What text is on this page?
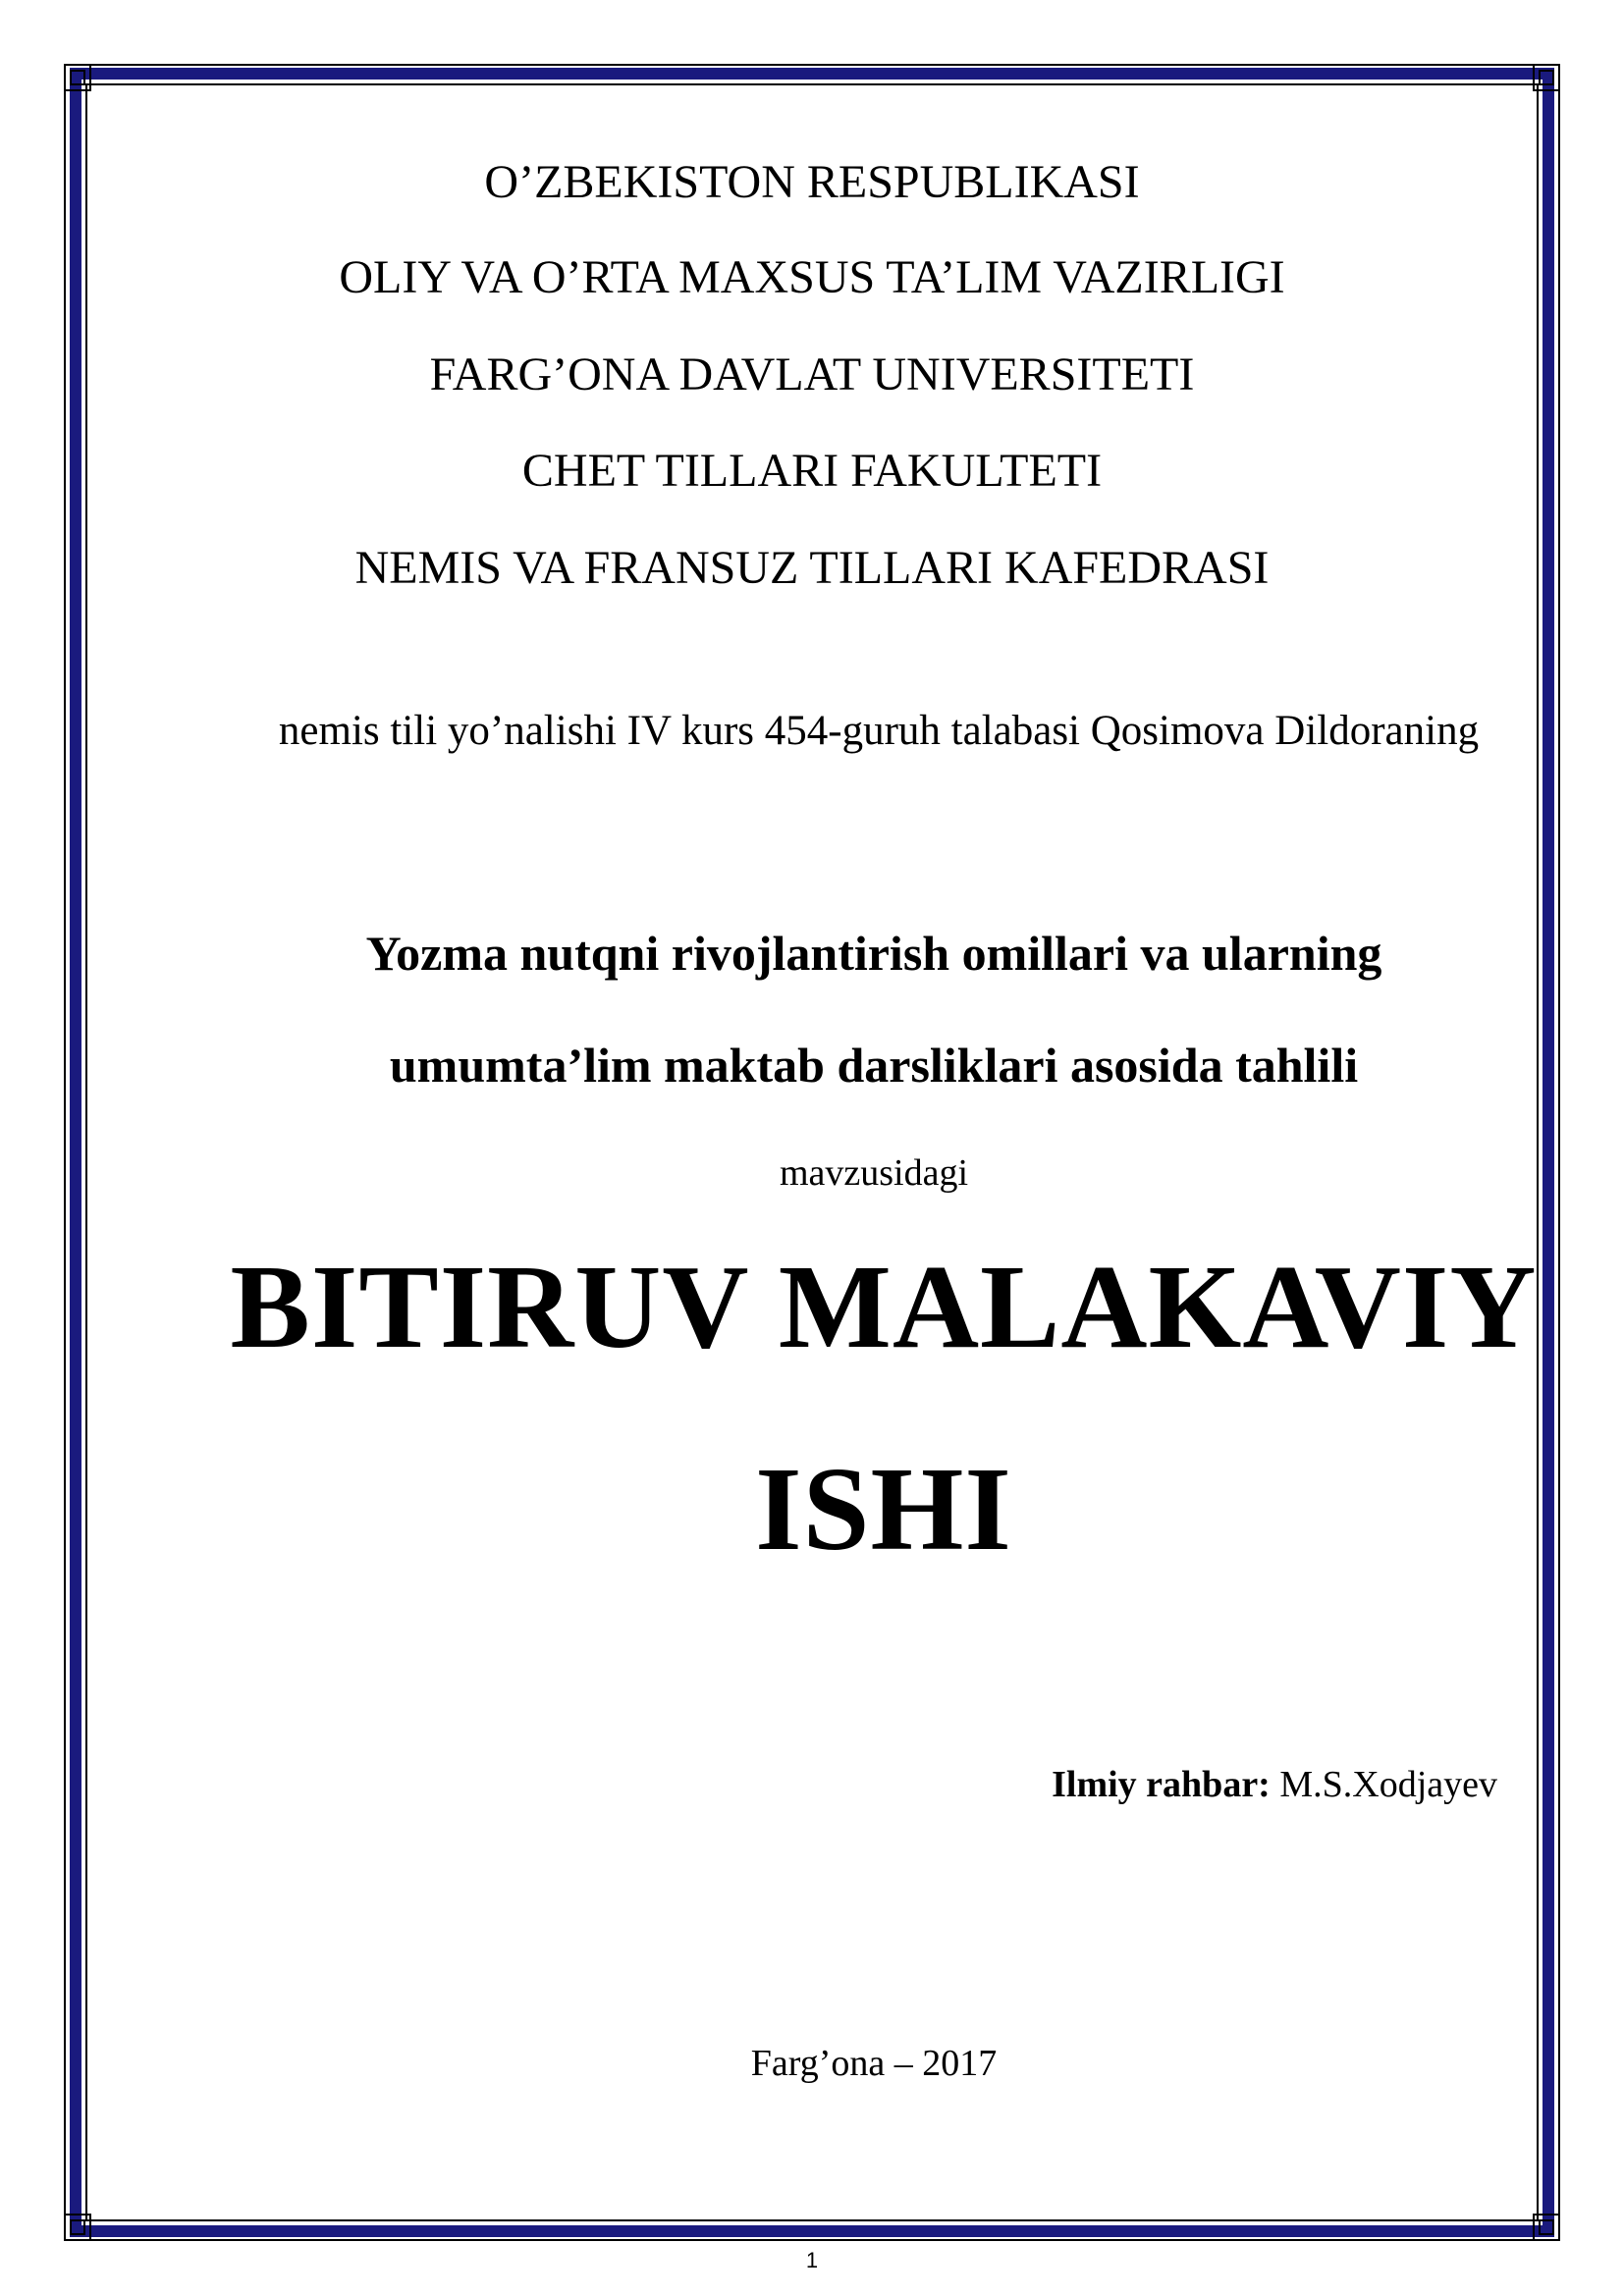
O’ZBEKISTON RESPUBLIKASI

OLIY VA O’RTA MAXSUS TA’LIM VAZIRLIGI

FARG’ONA DAVLAT UNIVERSITETI

CHET TILLARI FAKULTETI

NEMIS VA FRANSUZ TILLARI KAFEDRASI

nemis tili yo’nalishi IV kurs 454-guruh talabasi Qosimova Dildoraning

Yozma nutqni rivojlantirish omillari va ularning

umumta’lim maktab darsliklari asosida tahlili

mavzusidagi

BITIRUV MALAKAVIY

ISHI

Ilmiy rahbar: M.S.Xodjayev

Farg’ona – 2017

1
